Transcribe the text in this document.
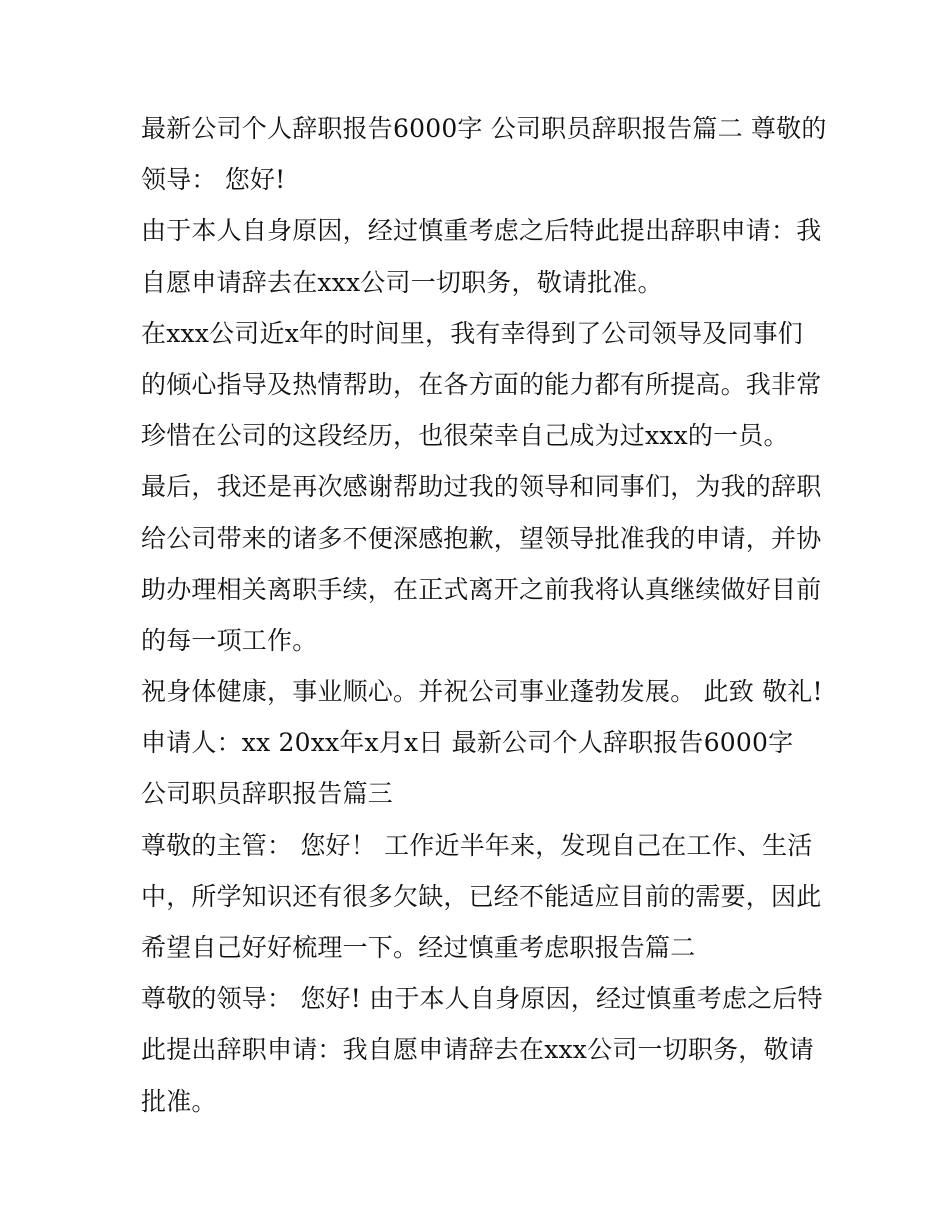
最新公司个人辞职报告6000字 公司职员辞职报告篇二 尊敬的
领导： 您好!
由于本人自身原因，经过慎重考虑之后特此提出辞职申请：我
自愿申请辞去在xxx公司一切职务，敬请批准。
在xxx公司近x年的时间里，我有幸得到了公司领导及同事们
的倾心指导及热情帮助，在各方面的能力都有所提高。我非常
珍惜在公司的这段经历，也很荣幸自己成为过xxx的一员。
最后，我还是再次感谢帮助过我的领导和同事们，为我的辞职
给公司带来的诸多不便深感抱歉，望领导批准我的申请，并协
助办理相关离职手续，在正式离开之前我将认真继续做好目前
的每一项工作。
祝身体健康，事业顺心。并祝公司事业蓬勃发展。 此致 敬礼!
申请人：xx 20xx年x月x日 最新公司个人辞职报告6000字
公司职员辞职报告篇三
尊敬的主管： 您好！ 工作近半年来，发现自己在工作、生活
中，所学知识还有很多欠缺，已经不能适应目前的需要，因此
希望自己好好梳理一下。经过慎重考虑职报告篇二
尊敬的领导： 您好! 由于本人自身原因，经过慎重考虑之后特
此提出辞职申请：我自愿申请辞去在xxx公司一切职务，敬请
批准。
